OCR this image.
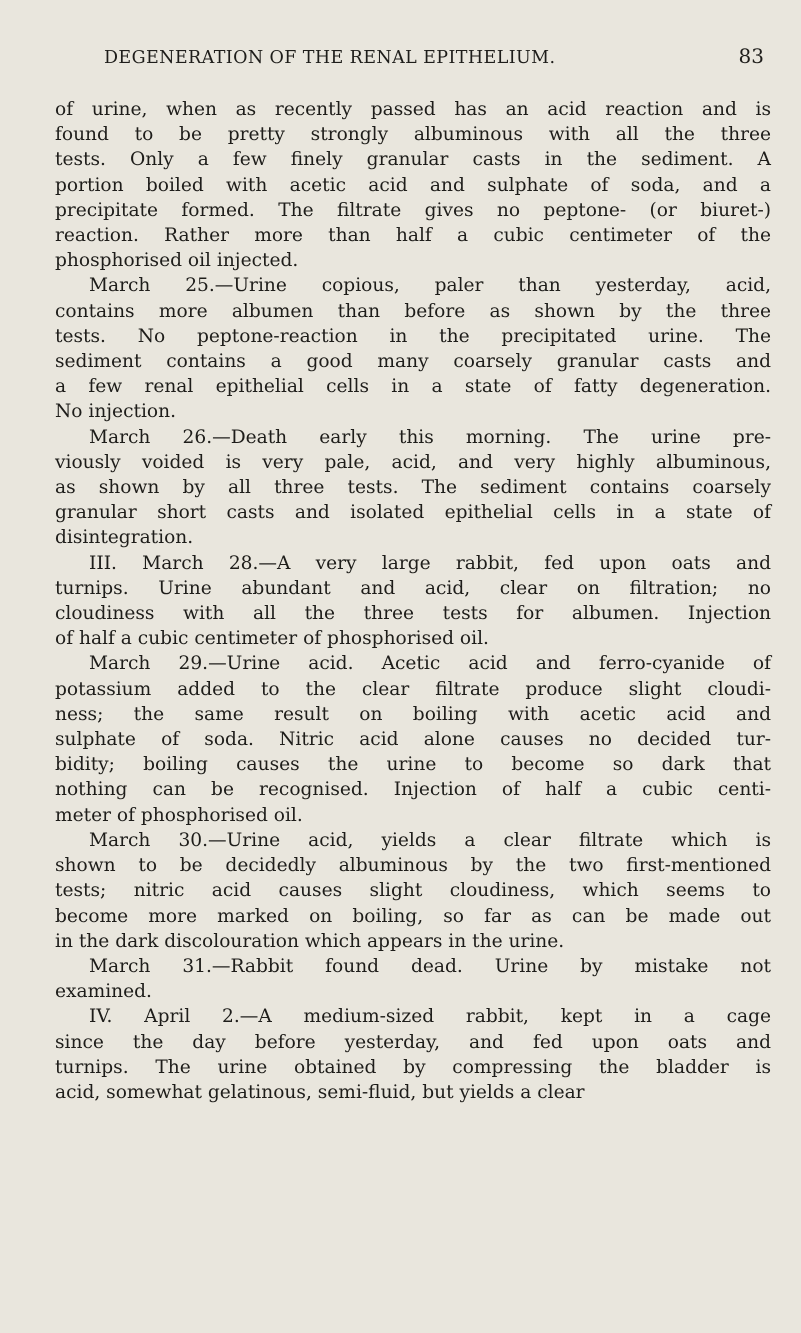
DEGENERATION OF THE RENAL EPITHELIUM.	83

of urine, when as recently passed has an acid reaction and is

found to be pretty strongly albuminous with all the three

tests. Only a few finely granular casts in the sediment. A

portion boiled with acetic acid and sulphate of soda, and a

precipitate formed. The filtrate gives no peptone- (or biuret-)

reaction. Rather more than half a cubic centimeter of the

phosphorised oil injected.

March 25.—Urine copious, paler than yesterday, acid,

contains more albumen than before as shown by the three

tests. No peptone-reaction in the precipitated urine. The

sediment contains a good many coarsely granular casts and

a few renal epithelial cells in a state of fatty degeneration.

No injection.

March 26.—Death early this morning. The urine pre-

viously voided is very pale, acid, and very highly albuminous,

as shown by all three tests. The sediment contains coarsely

granular short casts and isolated epithelial cells in a state of

disintegration.

III. March 28.—A very large rabbit, fed upon oats and

turnips. Urine abundant and acid, clear on filtration; no

cloudiness with all the three tests for albumen. Injection

of half a cubic centimeter of phosphorised oil.

March 29.—Urine acid. Acetic acid and ferro-cyanide of

potassium added to the clear filtrate produce slight cloudi-

ness; the same result on boiling with acetic acid and

sulphate of soda. Nitric acid alone causes no decided tur-

bidity; boiling causes the urine to become so dark that

nothing can be recognised. Injection of half a cubic centi-

meter of phosphorised oil.

March 30.—Urine acid, yields a clear filtrate which is

shown to be decidedly albuminous by the two first-mentioned

tests; nitric acid causes slight cloudiness, which seems to

become more marked on boiling, so far as can be made out

in the dark discolouration which appears in the urine.

March 31.—Rabbit found dead. Urine by mistake not

examined.

IV. April 2.—A medium-sized rabbit, kept in a cage

since the day before yesterday, and fed upon oats and

turnips. The urine obtained by compressing the bladder is

acid, somewhat gelatinous, semi-fluid, but yields a clear
